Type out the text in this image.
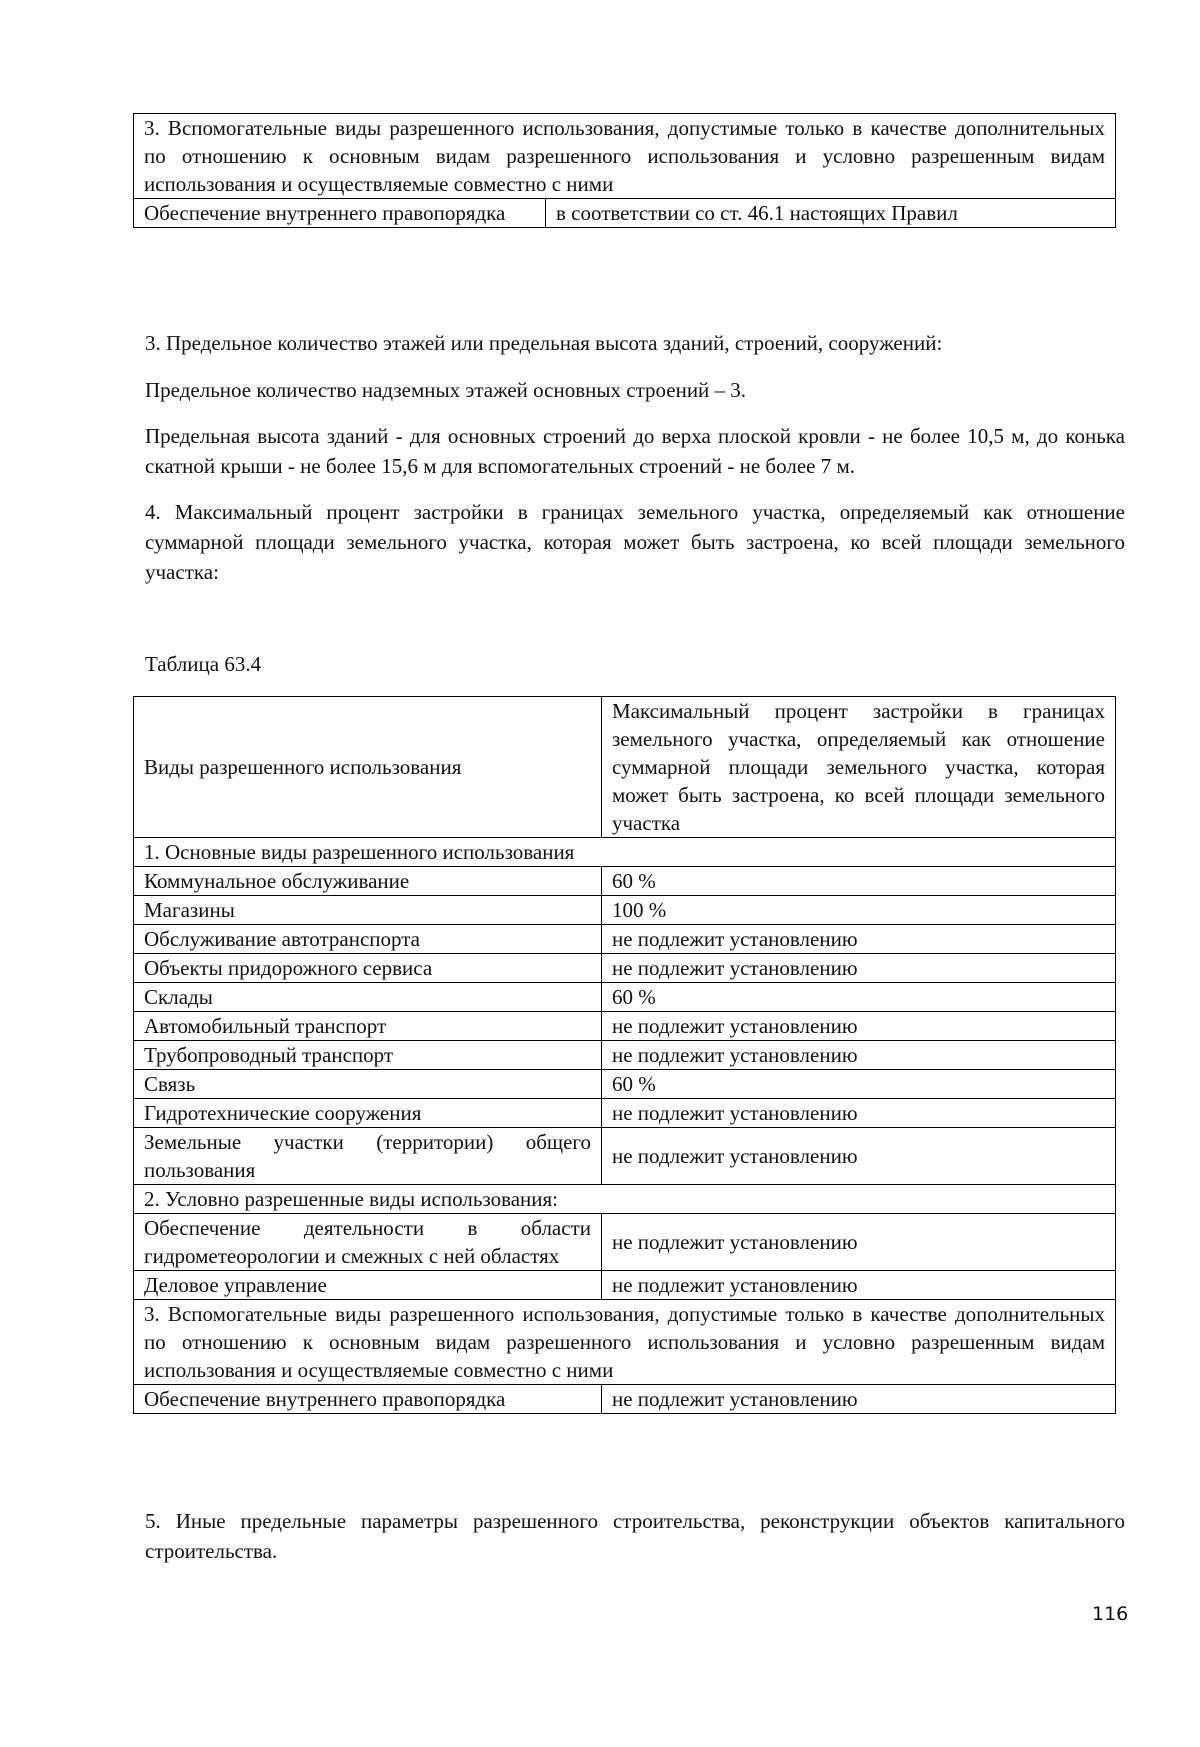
3. Вспомогательные виды разрешенного использования, допустимые только в качестве дополнительных по отношению к основным видам разрешенного использования и условно разрешенным видам использования и осуществляемые совместно с ними
Обеспечение внутреннего правопорядка	в соответствии со ст. 46.1 настоящих Правил

3. Предельное количество этажей или предельная высота зданий, строений, сооружений:

Предельное количество надземных этажей основных строений – 3.

Предельная высота зданий - для основных строений до верха плоской кровли - не более 10,5 м, до конька скатной крыши - не более 15,6 м для вспомогательных строений - не более 7 м.

4. Максимальный процент застройки в границах земельного участка, определяемый как отношение суммарной площади земельного участка, которая может быть застроена, ко всей площади земельного участка:

Таблица 63.4

Виды разрешенного использования	Максимальный процент застройки в границах земельного участка, определяемый как отношение суммарной площади земельного участка, которая может быть застроена, ко всей площади земельного участка
1. Основные виды разрешенного использования	
Коммунальное обслуживание	60 %
Магазины	100 %
Обслуживание автотранспорта	не подлежит установлению
Объекты придорожного сервиса	не подлежит установлению
Склады	60 %
Автомобильный транспорт	не подлежит установлению
Трубопроводный транспорт	не подлежит установлению
Связь	60 %
Гидротехнические сооружения	не подлежит установлению
Земельные участки (территории) общего пользования	не подлежит установлению
2. Условно разрешенные виды использования:	
Обеспечение деятельности в области гидрометеорологии и смежных с ней областях	не подлежит установлению
Деловое управление	не подлежит установлению
3. Вспомогательные виды разрешенного использования, допустимые только в качестве дополнительных по отношению к основным видам разрешенного использования и условно разрешенным видам использования и осуществляемые совместно с ними	
Обеспечение внутреннего правопорядка	не подлежит установлению

5. Иные предельные параметры разрешенного строительства, реконструкции объектов капитального строительства.

116
